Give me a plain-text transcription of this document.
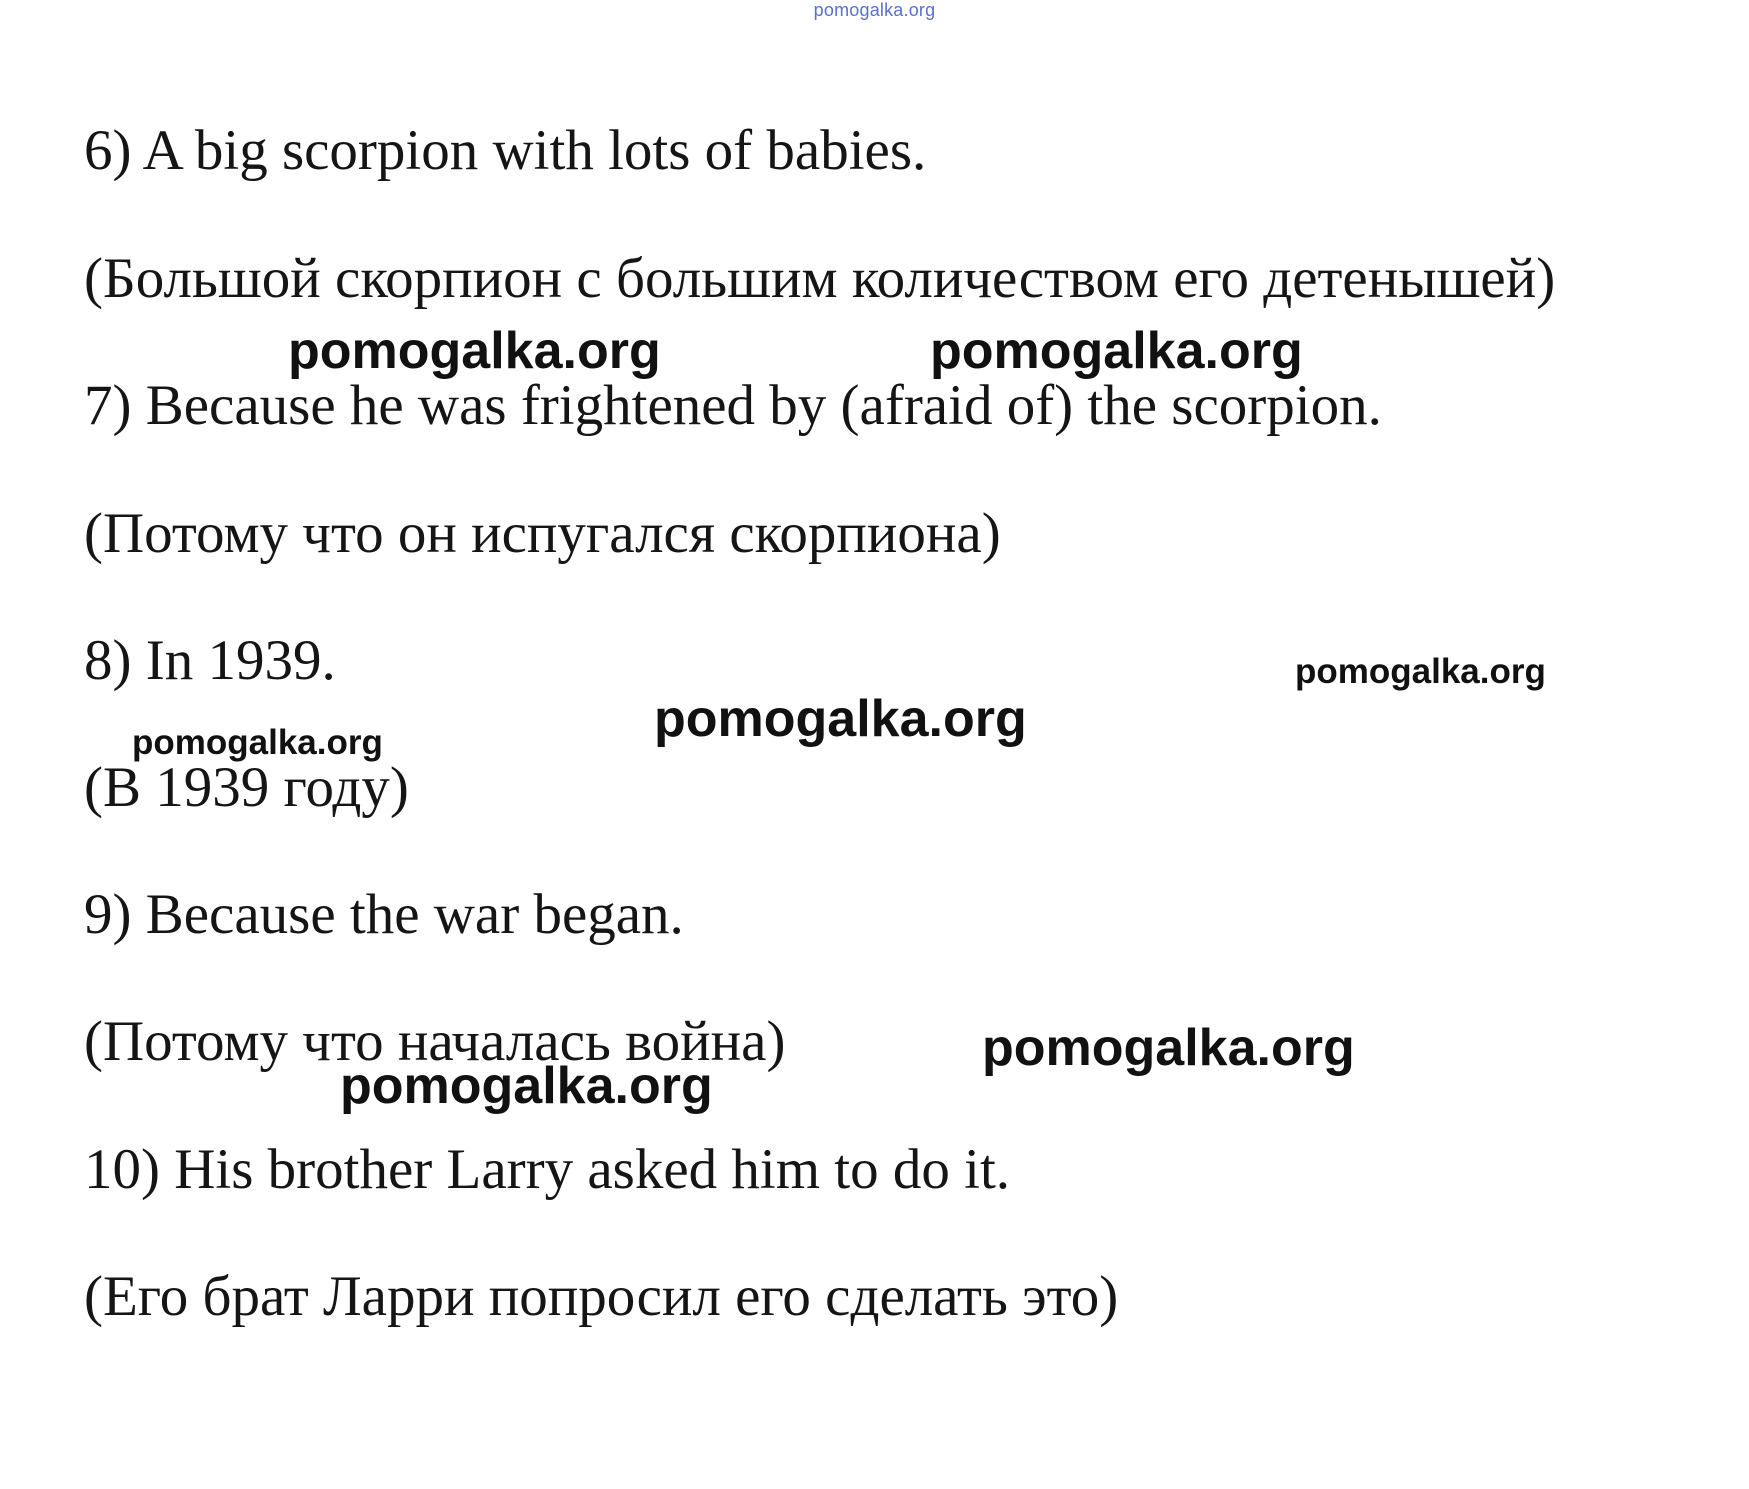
pomogalka.org
6) A big scorpion with lots of babies.
(Большой скорпион с большим количеством его детенышей)
7) Because he was frightened by (afraid of) the scorpion.
(Потому что он испугался скорпиона)
8) In 1939.
(В 1939 году)
9) Because the war began.
(Потому что началась война)
10) His brother Larry asked him to do it.
(Его брат Ларри попросил его сделать это)
pomogalka.org	pomogalka.org
pomogalka.org
pomogalka.org
pomogalka.org
pomogalka.org
pomogalka.org
